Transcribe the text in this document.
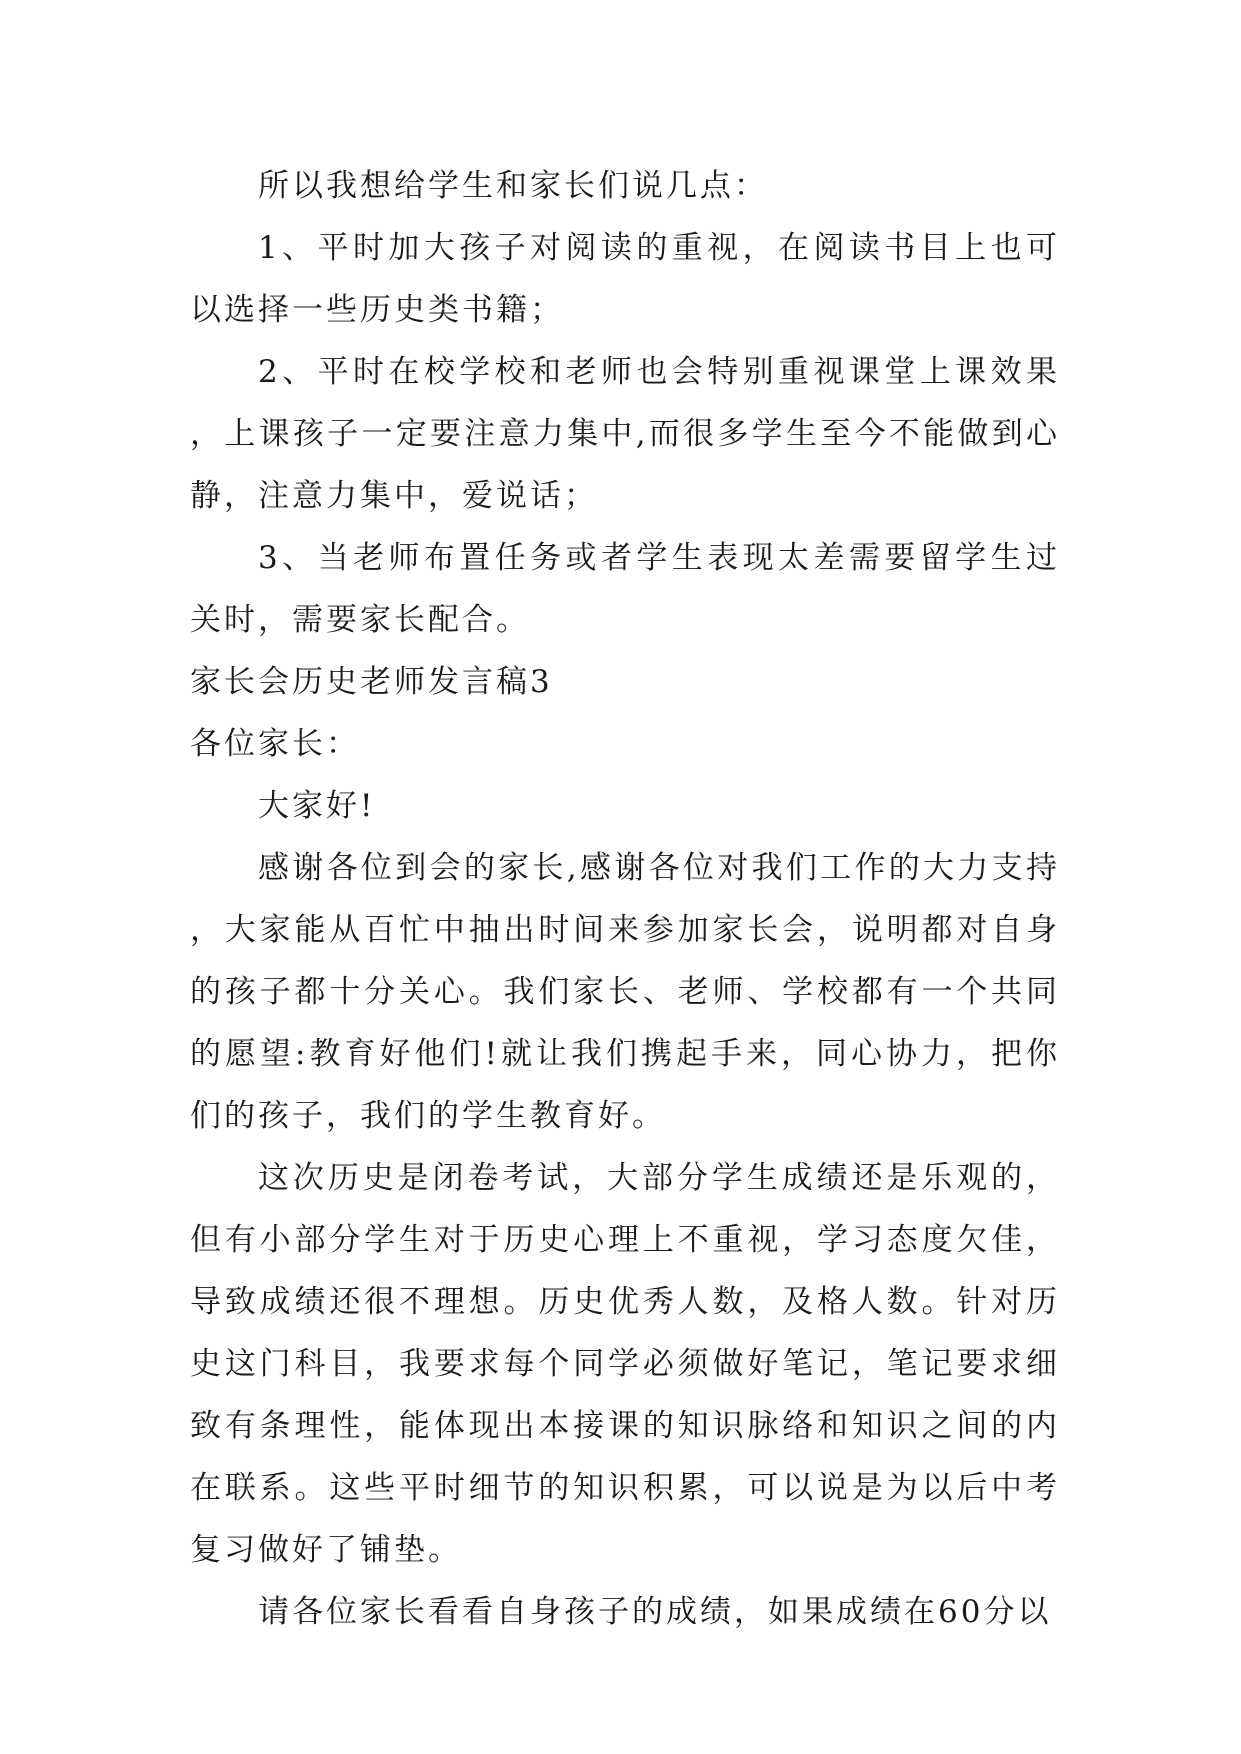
所以我想给学生和家长们说几点：

1、平时加大孩子对阅读的重视，在阅读书目上也可以选择一些历史类书籍；

2、平时在校学校和老师也会特别重视课堂上课效果，上课孩子一定要注意力集中,而很多学生至今不能做到心静，注意力集中，爱说话；

3、当老师布置任务或者学生表现太差需要留学生过关时，需要家长配合。

家长会历史老师发言稿3

各位家长：

大家好!

感谢各位到会的家长,感谢各位对我们工作的大力支持，大家能从百忙中抽出时间来参加家长会，说明都对自身的孩子都十分关心。我们家长、老师、学校都有一个共同的愿望:教育好他们!就让我们携起手来，同心协力，把你们的孩子，我们的学生教育好。

这次历史是闭卷考试，大部分学生成绩还是乐观的，但有小部分学生对于历史心理上不重视，学习态度欠佳，导致成绩还很不理想。历史优秀人数，及格人数。针对历史这门科目，我要求每个同学必须做好笔记，笔记要求细致有条理性，能体现出本接课的知识脉络和知识之间的内在联系。这些平时细节的知识积累，可以说是为以后中考复习做好了铺垫。

请各位家长看看自身孩子的成绩，如果成绩在60分以
